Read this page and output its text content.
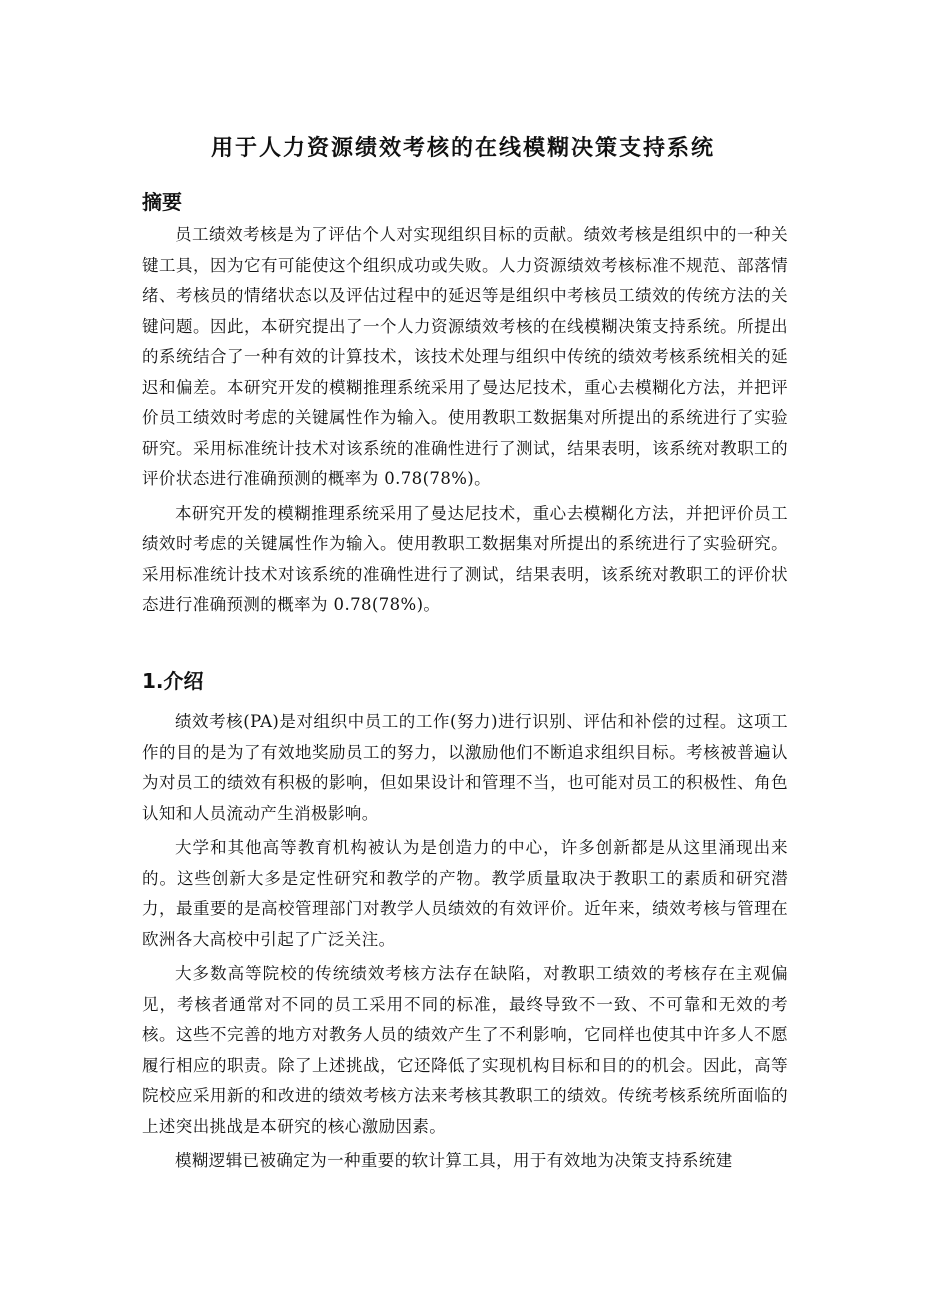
用于人力资源绩效考核的在线模糊决策支持系统
摘要

员工绩效考核是为了评估个人对实现组织目标的贡献。绩效考核是组织中的一种关键工具，因为它有可能使这个组织成功或失败。人力资源绩效考核标准不规范、部落情绪、考核员的情绪状态以及评估过程中的延迟等是组织中考核员工绩效的传统方法的关键问题。因此，本研究提出了一个人力资源绩效考核的在线模糊决策支持系统。所提出的系统结合了一种有效的计算技术，该技术处理与组织中传统的绩效考核系统相关的延迟和偏差。本研究开发的模糊推理系统采用了曼达尼技术，重心去模糊化方法，并把评价员工绩效时考虑的关键属性作为输入。使用教职工数据集对所提出的系统进行了实验研究。采用标准统计技术对该系统的准确性进行了测试，结果表明，该系统对教职工的评价状态进行准确预测的概率为 0.78(78%)。

本研究开发的模糊推理系统采用了曼达尼技术，重心去模糊化方法，并把评价员工绩效时考虑的关键属性作为输入。使用教职工数据集对所提出的系统进行了实验研究。采用标准统计技术对该系统的准确性进行了测试，结果表明，该系统对教职工的评价状态进行准确预测的概率为 0.78(78%)。

1.介绍

绩效考核(PA)是对组织中员工的工作(努力)进行识别、评估和补偿的过程。这项工作的目的是为了有效地奖励员工的努力，以激励他们不断追求组织目标。考核被普遍认为对员工的绩效有积极的影响，但如果设计和管理不当，也可能对员工的积极性、角色认知和人员流动产生消极影响。

大学和其他高等教育机构被认为是创造力的中心，许多创新都是从这里涌现出来的。这些创新大多是定性研究和教学的产物。教学质量取决于教职工的素质和研究潜力，最重要的是高校管理部门对教学人员绩效的有效评价。近年来，绩效考核与管理在欧洲各大高校中引起了广泛关注。

大多数高等院校的传统绩效考核方法存在缺陷，对教职工绩效的考核存在主观偏见，考核者通常对不同的员工采用不同的标准，最终导致不一致、不可靠和无效的考核。这些不完善的地方对教务人员的绩效产生了不利影响，它同样也使其中许多人不愿履行相应的职责。除了上述挑战，它还降低了实现机构目标和目的的机会。因此，高等院校应采用新的和改进的绩效考核方法来考核其教职工的绩效。传统考核系统所面临的上述突出挑战是本研究的核心激励因素。

模糊逻辑已被确定为一种重要的软计算工具，用于有效地为决策支持系统建
